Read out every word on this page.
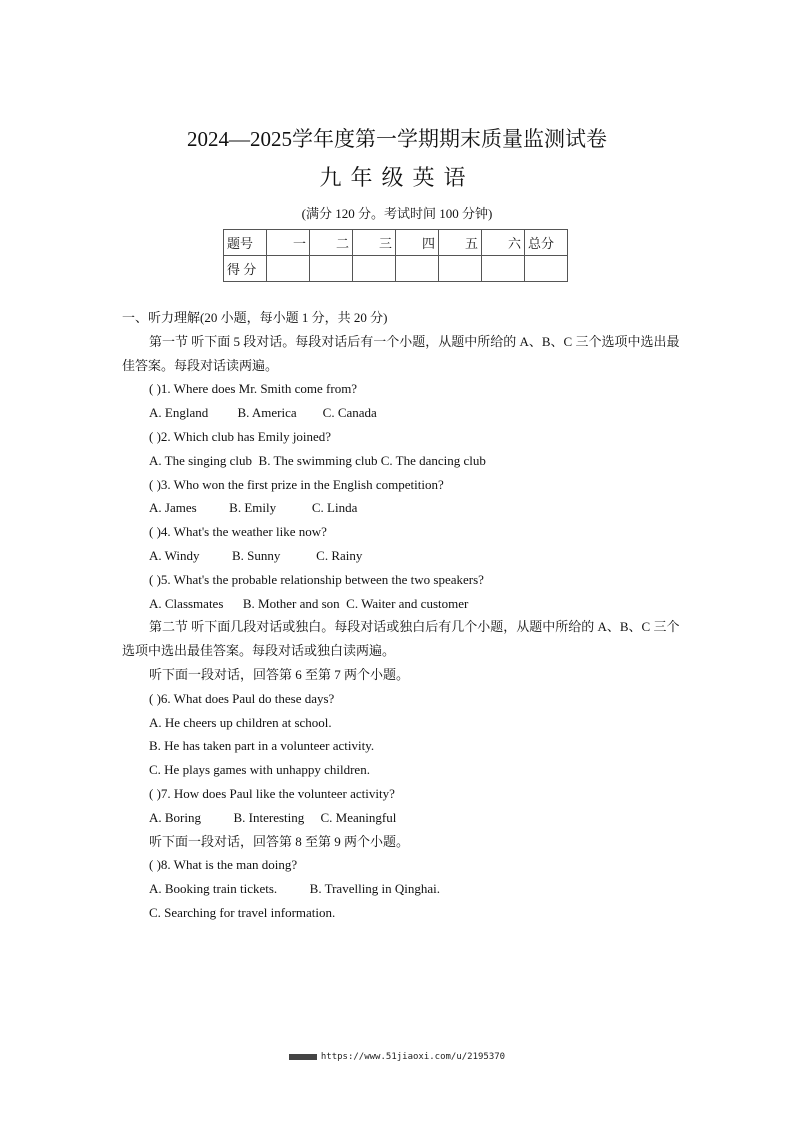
2024—2025学年度第一学期期末质量监测试卷
九年级英语
(满分 120 分。考试时间 100 分钟)
题号	一	二	三	四	五	六	总分
得 分							

一、听力理解(20 小题，每小题 1 分，共 20 分)

第一节 听下面 5 段对话。每段对话后有一个小题，从题中所给的 A、B、C 三个选项中选出最佳答案。每段对话读两遍。

( )1. Where does Mr. Smith come from?

A. England         B. America        C. Canada

( )2. Which club has Emily joined?

A. The singing club  B. The swimming club C. The dancing club

( )3. Who won the first prize in the English competition?

A. James          B. Emily           C. Linda

( )4. What's the weather like now?

A. Windy          B. Sunny           C. Rainy

( )5. What's the probable relationship between the two speakers?

A. Classmates      B. Mother and son  C. Waiter and customer

第二节 听下面几段对话或独白。每段对话或独白后有几个小题，从题中所给的 A、B、C 三个选项中选出最佳答案。每段对话或独白读两遍。

听下面一段对话，回答第 6 至第 7 两个小题。

( )6. What does Paul do these days?

A. He cheers up children at school.

B. He has taken part in a volunteer activity.

C. He plays games with unhappy children.

( )7. How does Paul like the volunteer activity?

A. Boring          B. Interesting     C. Meaningful

听下面一段对话，回答第 8 至第 9 两个小题。

( )8. What is the man doing?

A. Booking train tickets.          B. Travelling in Qinghai.

C. Searching for travel information.

https://www.51jiaoxi.com/u/2195370
